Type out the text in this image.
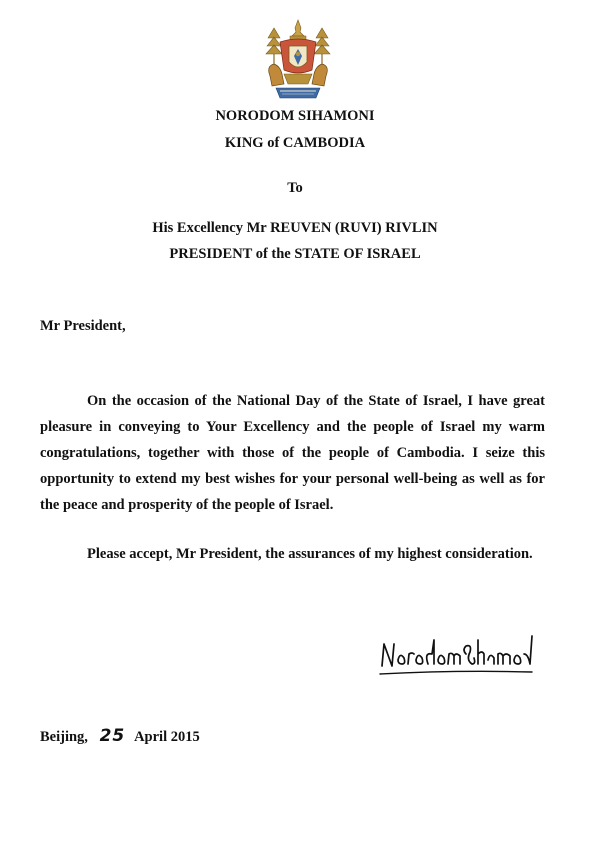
NORODOM SIHAMONI
KING of CAMBODIA
To
His Excellency Mr REUVEN (RUVI) RIVLIN
PRESIDENT of the STATE OF ISRAEL
Mr President,

On the occasion of the National Day of the State of Israel, I have great pleasure in conveying to Your Excellency and the people of Israel my warm congratulations, together with those of the people of Cambodia. I seize this opportunity to extend my best wishes for your personal well-being as well as for the peace and prosperity of the people of Israel.

Please accept, Mr President, the assurances of my highest consideration.

Beijing, 25 April 2015
